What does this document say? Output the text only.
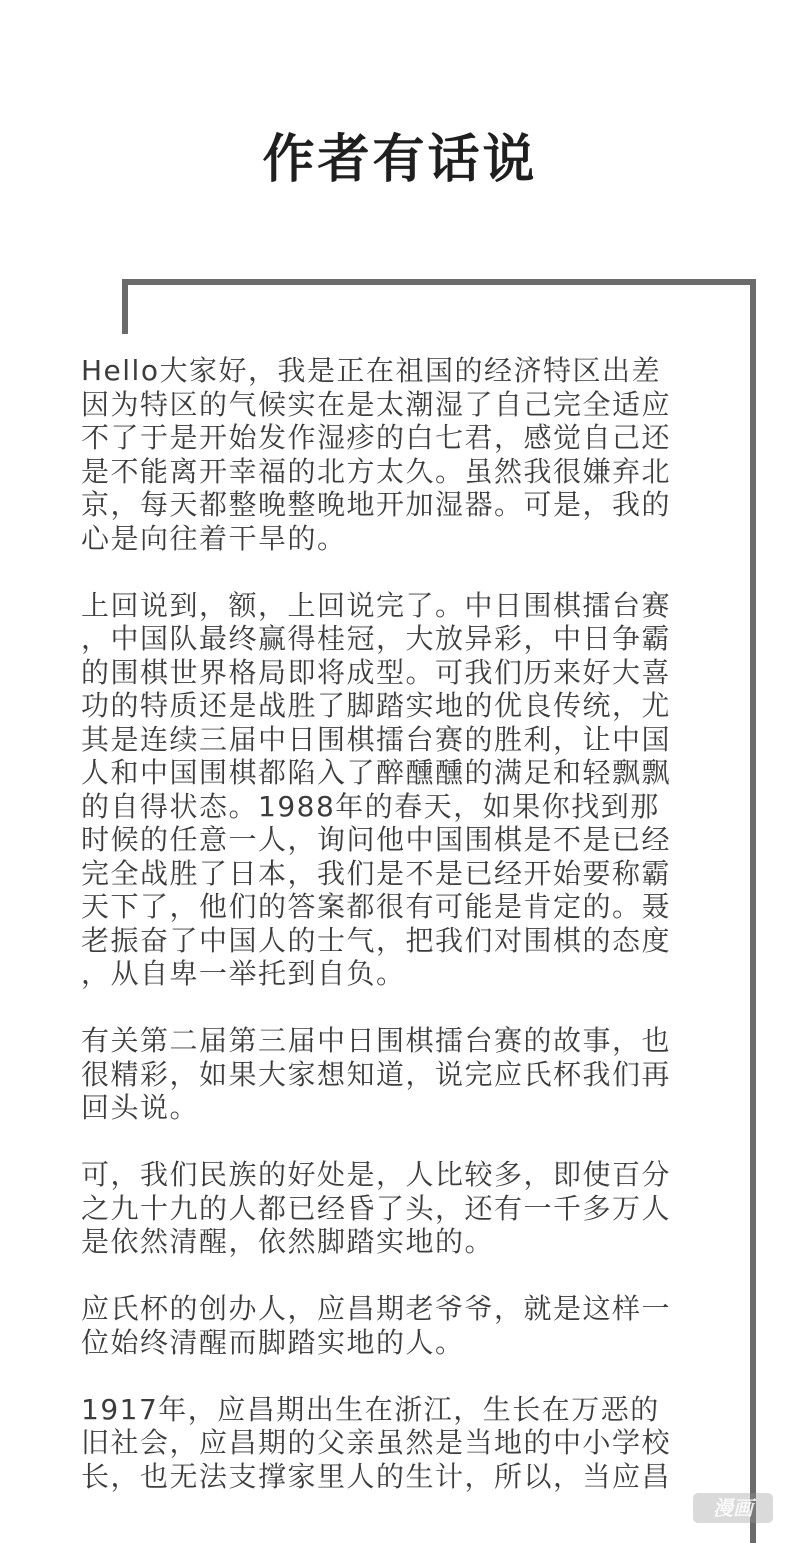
作者有话说

Hello大家好，我是正在祖国的经济特区出差
因为特区的气候实在是太潮湿了自己完全适应
不了于是开始发作湿疹的白七君，感觉自己还
是不能离开幸福的北方太久。虽然我很嫌弃北
京，每天都整晚整晚地开加湿器。可是，我的
心是向往着干旱的。

上回说到，额，上回说完了。中日围棋擂台赛
，中国队最终赢得桂冠，大放异彩，中日争霸
的围棋世界格局即将成型。可我们历来好大喜
功的特质还是战胜了脚踏实地的优良传统，尤
其是连续三届中日围棋擂台赛的胜利，让中国
人和中国围棋都陷入了醉醺醺的满足和轻飘飘
的自得状态。1988年的春天，如果你找到那
时候的任意一人，询问他中国围棋是不是已经
完全战胜了日本，我们是不是已经开始要称霸
天下了，他们的答案都很有可能是肯定的。聂
老振奋了中国人的士气，把我们对围棋的态度
，从自卑一举托到自负。

有关第二届第三届中日围棋擂台赛的故事，也
很精彩，如果大家想知道，说完应氏杯我们再
回头说。

可，我们民族的好处是，人比较多，即使百分
之九十九的人都已经昏了头，还有一千多万人
是依然清醒，依然脚踏实地的。

应氏杯的创办人，应昌期老爷爷，就是这样一
位始终清醒而脚踏实地的人。

1917年，应昌期出生在浙江，生长在万恶的
旧社会，应昌期的父亲虽然是当地的中小学校
长，也无法支撑家里人的生计，所以，当应昌

漫画
